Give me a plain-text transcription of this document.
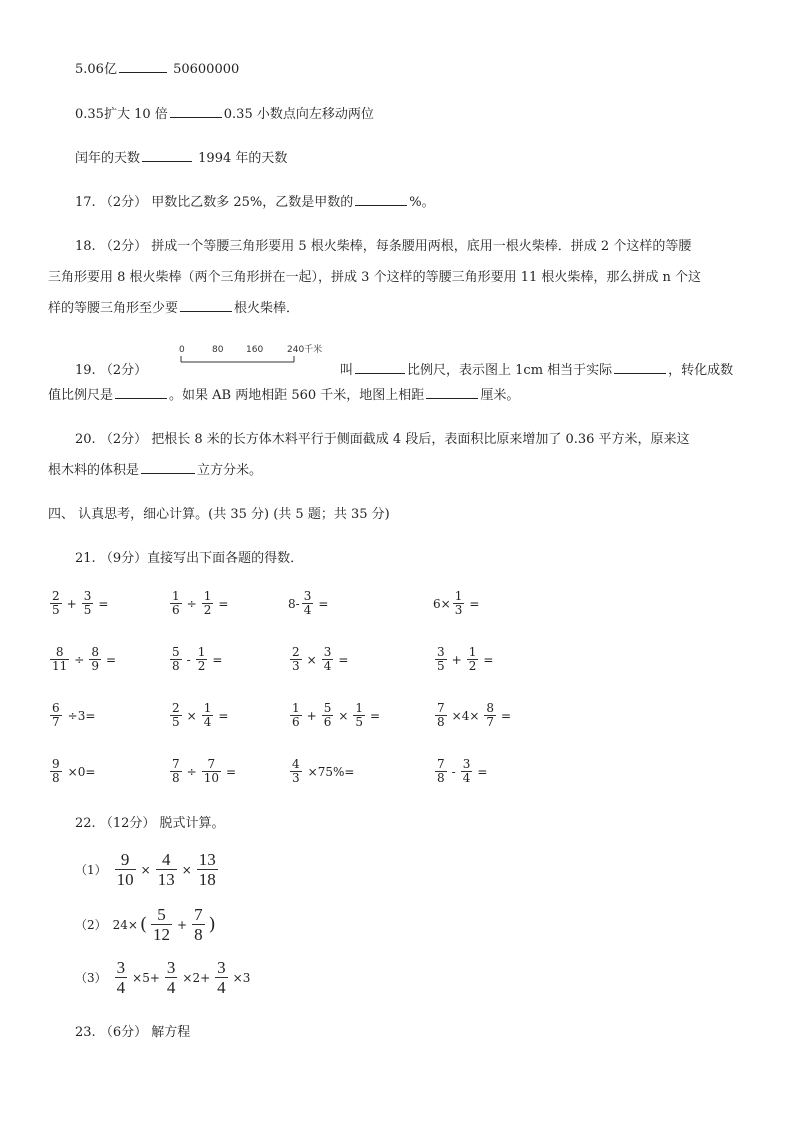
5.06亿	50600000
0.35扩大 10 倍	0.35 小数点向左移动两位
闰年的天数	1994 年的天数
17. （2分） 甲数比乙数多 25%，乙数是甲数的	%。
18. （2分） 拼成一个等腰三角形要用 5 根火柴棒，每条腰用两根，底用一根火柴棒．拼成 2 个这样的等腰
三角形要用 8 根火柴棒（两个三角形拼在一起），拼成 3 个这样的等腰三角形要用 11 根火柴棒，那么拼成 n 个这
样的等腰三角形至少要	根火柴棒．
19. （2分）
0	80	160	240千米
叫	比例尺，表示图上 1cm 相当于实际	，转化成数
值比例尺是	。如果 AB 两地相距 560 千米，地图上相距	厘米。
20. （2分） 把根长 8 米的长方体木料平行于侧面截成 4 段后，表面积比原来增加了 0.36 平方米，原来这
根木料的体积是	立方分米。
四、 认真思考，细心计算。(共 35 分) (共 5 题；共 35 分)
21. （9分）直接写出下面各题的得数．
$\frac{2}{5} + \frac{3}{5}$ =	$\frac{1}{6} \div \frac{1}{2}$ =	$8- \frac{3}{4}$ =	$6\times \frac{1}{3}$ =
$\frac{8}{11} \div \frac{8}{9}$ =	$\frac{5}{8} - \frac{1}{2}$ =	$\frac{2}{3} \times \frac{3}{4}$ =	$\frac{3}{5} + \frac{1}{2}$ =
$\frac{6}{7} \div 3=$	$\frac{2}{5} \times \frac{1}{4}$ =	$\frac{1}{6} + \frac{5}{6} \times \frac{1}{5}$ =	$\frac{7}{8} \times 4\times \frac{8}{7}$ =
$\frac{9}{8} \times 0=$	$\frac{7}{8} \div \frac{7}{10}$ =	$\frac{4}{3} \times 75\%=$	$\frac{7}{8} - \frac{3}{4}$ =
22. （12分） 脱式计算。
$(1) \frac{9}{10} \times \frac{4}{13} \times \frac{13}{18}$
（2） 24× ( $\frac{5}{12} + \frac{7}{8}$ )
$(3) \frac{3}{4} \times 5+ \frac{3}{4} \times 2+ \frac{3}{4} \times 3$
23. （6分） 解方程
